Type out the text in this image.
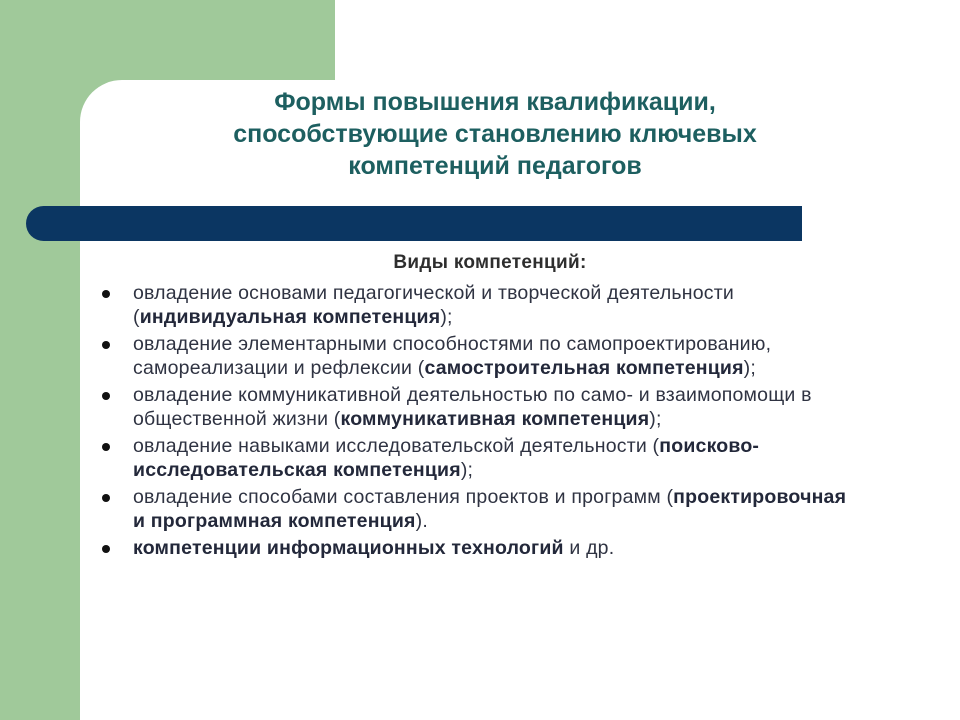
Формы повышения квалификации,
способствующие становлению ключевых
компетенций педагогов
Виды компетенций:
овладение основами педагогической и творческой деятельности (индивидуальная компетенция);
овладение элементарными способностями по самопроектированию, самореализации и рефлексии (самостроительная компетенция);
овладение коммуникативной деятельностью по само- и взаимопомощи в общественной жизни (коммуникативная компетенция);
овладение навыками исследовательской деятельности (поисково-исследовательская компетенция);
овладение способами составления проектов и программ (проектировочная и программная компетенция).
компетенции информационных технологий и др.
